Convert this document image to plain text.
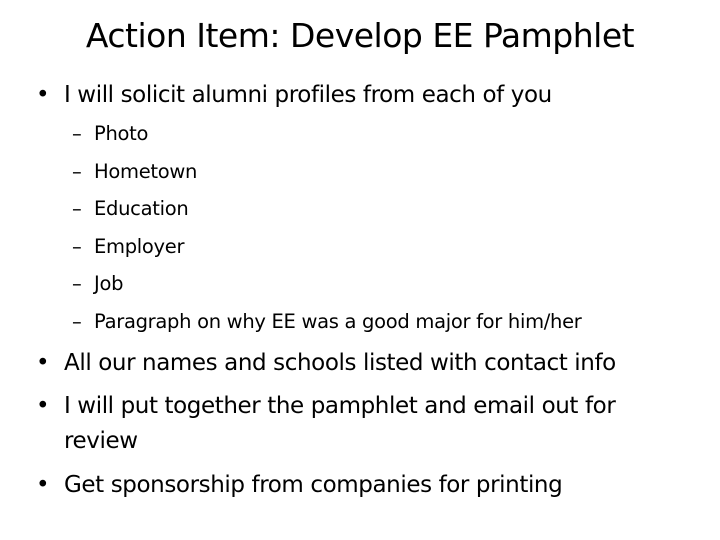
Action Item: Develop EE Pamphlet
• I will solicit alumni profiles from each of you
– Photo
– Hometown
– Education
– Employer
– Job
– Paragraph on why EE was a good major for him/her
• All our names and schools listed with contact info
• I will put together the pamphlet and email out for
review
• Get sponsorship from companies for printing
